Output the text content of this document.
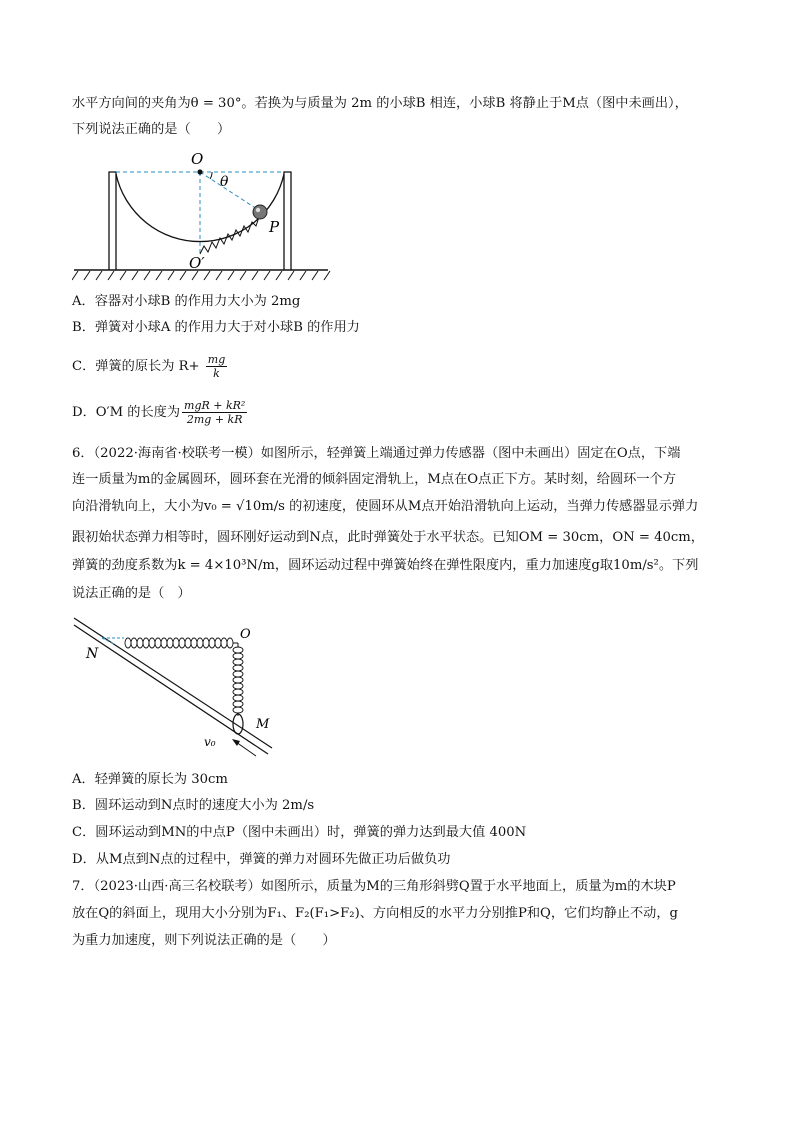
水平方向间的夹角为θ = 30°。若换为与质量为 2m 的小球B 相连，小球B 将静止于M点（图中未画出），
下列说法正确的是（　　）
O
θ
P
O′
A．容器对小球B 的作用力大小为 2mg
B．弹簧对小球A 的作用力大于对小球B 的作用力
C．弹簧的原长为 $R+ \frac{mg}{k}$
D．O′M 的长度为 $\frac{\text{mgR + kR²}}{2mg + kR}$
6．（2022·海南省·校联考一模）如图所示，轻弹簧上端通过弹力传感器（图中未画出）固定在O点，下端
连一质量为m的金属圆环，圆环套在光滑的倾斜固定滑轨上，M点在O点正下方。某时刻，给圆环一个方
向沿滑轨向上，大小为v₀ = √10m/s 的初速度，使圆环从M点开始沿滑轨向上运动，当弹力传感器显示弹力
跟初始状态弹力相等时，圆环刚好运动到N点，此时弹簧处于水平状态。已知OM = 30cm，ON = 40cm，
弹簧的劲度系数为k = 4×10³N/m，圆环运动过程中弹簧始终在弹性限度内，重力加速度g取10m/s²。下列
说法正确的是（　）
N
O
M
v₀
A．轻弹簧的原长为 30cm
B．圆环运动到N点时的速度大小为 2m/s
C．圆环运动到MN的中点P（图中未画出）时，弹簧的弹力达到最大值 400N
D．从M点到N点的过程中，弹簧的弹力对圆环先做正功后做负功
7．（2023·山西·高三名校联考）如图所示，质量为M的三角形斜劈Q置于水平地面上，质量为m的木块P
放在Q的斜面上，现用大小分别为F₁、F₂(F₁>F₂)、方向相反的水平力分别推P和Q，它们均静止不动，g
为重力加速度，则下列说法正确的是（　　）
